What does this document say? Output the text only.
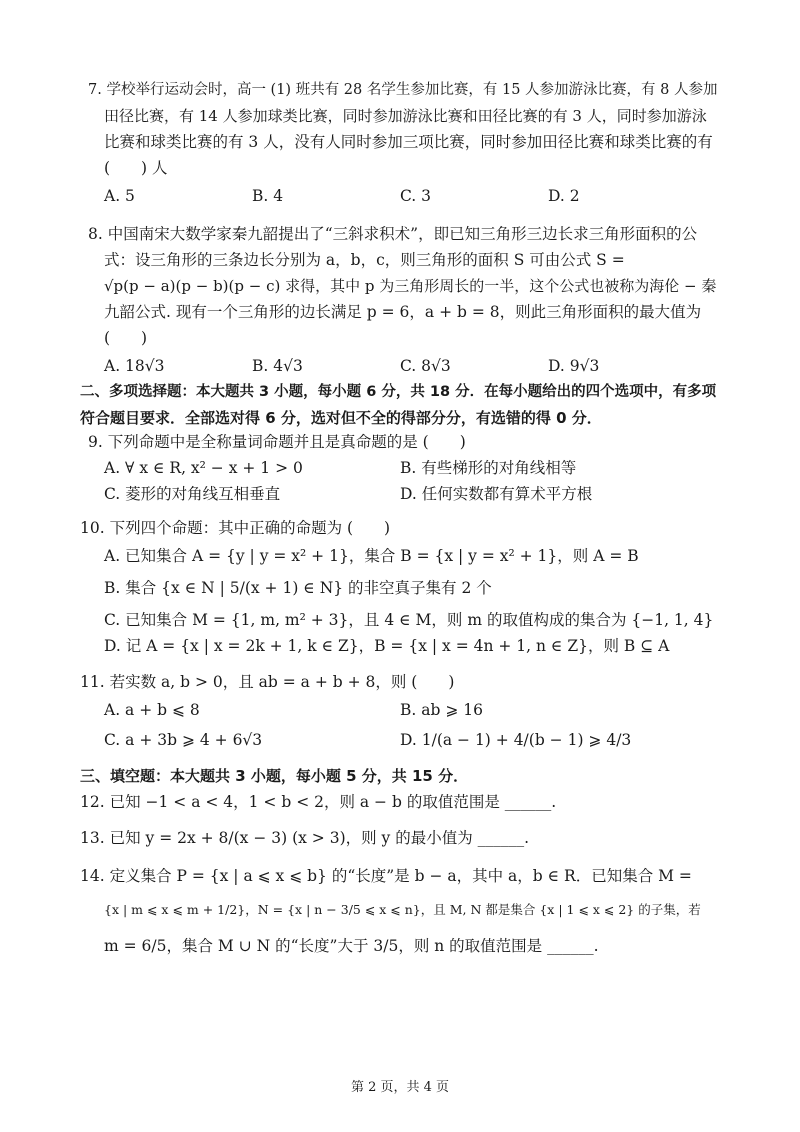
7. 学校举行运动会时，高一 (1) 班共有 28 名学生参加比赛，有 15 人参加游泳比赛，有 8 人参加
田径比赛，有 14 人参加球类比赛，同时参加游泳比赛和田径比赛的有 3 人，同时参加游泳
比赛和球类比赛的有 3 人，没有人同时参加三项比赛，同时参加田径比赛和球类比赛的有
(　　) 人
A. 5	B. 4	C. 3	D. 2
8. 中国南宋大数学家秦九韶提出了“三斜求积术”，即已知三角形三边长求三角形面积的公
式：设三角形的三条边长分别为 a，b，c，则三角形的面积 S 可由公式 S =
√p(p − a)(p − b)(p − c) 求得，其中 p 为三角形周长的一半，这个公式也被称为海伦 − 秦
九韶公式. 现有一个三角形的边长满足 p = 6，a + b = 8，则此三角形面积的最大值为
(　　)
A. 18√3	B. 4√3	C. 8√3	D. 9√3
二、多项选择题：本大题共 3 小题，每小题 6 分，共 18 分．在每小题给出的四个选项中，有多项
符合题目要求．全部选对得 6 分，选对但不全的得部分分，有选错的得 0 分．
9. 下列命题中是全称量词命题并且是真命题的是 (　　)
A. ∀ x ∈ R, x² − x + 1 > 0	B. 有些梯形的对角线相等
C. 菱形的对角线互相垂直	D. 任何实数都有算术平方根
10. 下列四个命题：其中正确的命题为 (　　)
A. 已知集合 A = {y | y = x² + 1}，集合 B = {x | y = x² + 1}，则 A = B
B. 集合 {x ∈ N | 5/(x + 1) ∈ N} 的非空真子集有 2 个
C. 已知集合 M = {1, m, m² + 3}，且 4 ∈ M，则 m 的取值构成的集合为 {−1, 1, 4}
D. 记 A = {x | x = 2k + 1, k ∈ Z}，B = {x | x = 4n + 1, n ∈ Z}，则 B ⊆ A
11. 若实数 a, b > 0，且 ab = a + b + 8，则 (　　)
A. a + b ⩽ 8	B. ab ⩾ 16
C. a + 3b ⩾ 4 + 6√3	D. 1/(a − 1) + 4/(b − 1) ⩾ 4/3
三、填空题：本大题共 3 小题，每小题 5 分，共 15 分．
12. 已知 −1 < a < 4，1 < b < 2，则 a − b 的取值范围是 ______.
13. 已知 y = 2x + 8/(x − 3) (x > 3)，则 y 的最小值为 ______.
14. 定义集合 P = {x | a ⩽ x ⩽ b} 的“长度”是 b − a，其中 a，b ∈ R．已知集合 M =
{x | m ⩽ x ⩽ m + 1/2}，N = {x | n − 3/5 ⩽ x ⩽ n}，且 M, N 都是集合 {x | 1 ⩽ x ⩽ 2} 的子集，若
m = 6/5，集合 M ∪ N 的“长度”大于 3/5，则 n 的取值范围是 ______.
第 2 页，共 4 页
